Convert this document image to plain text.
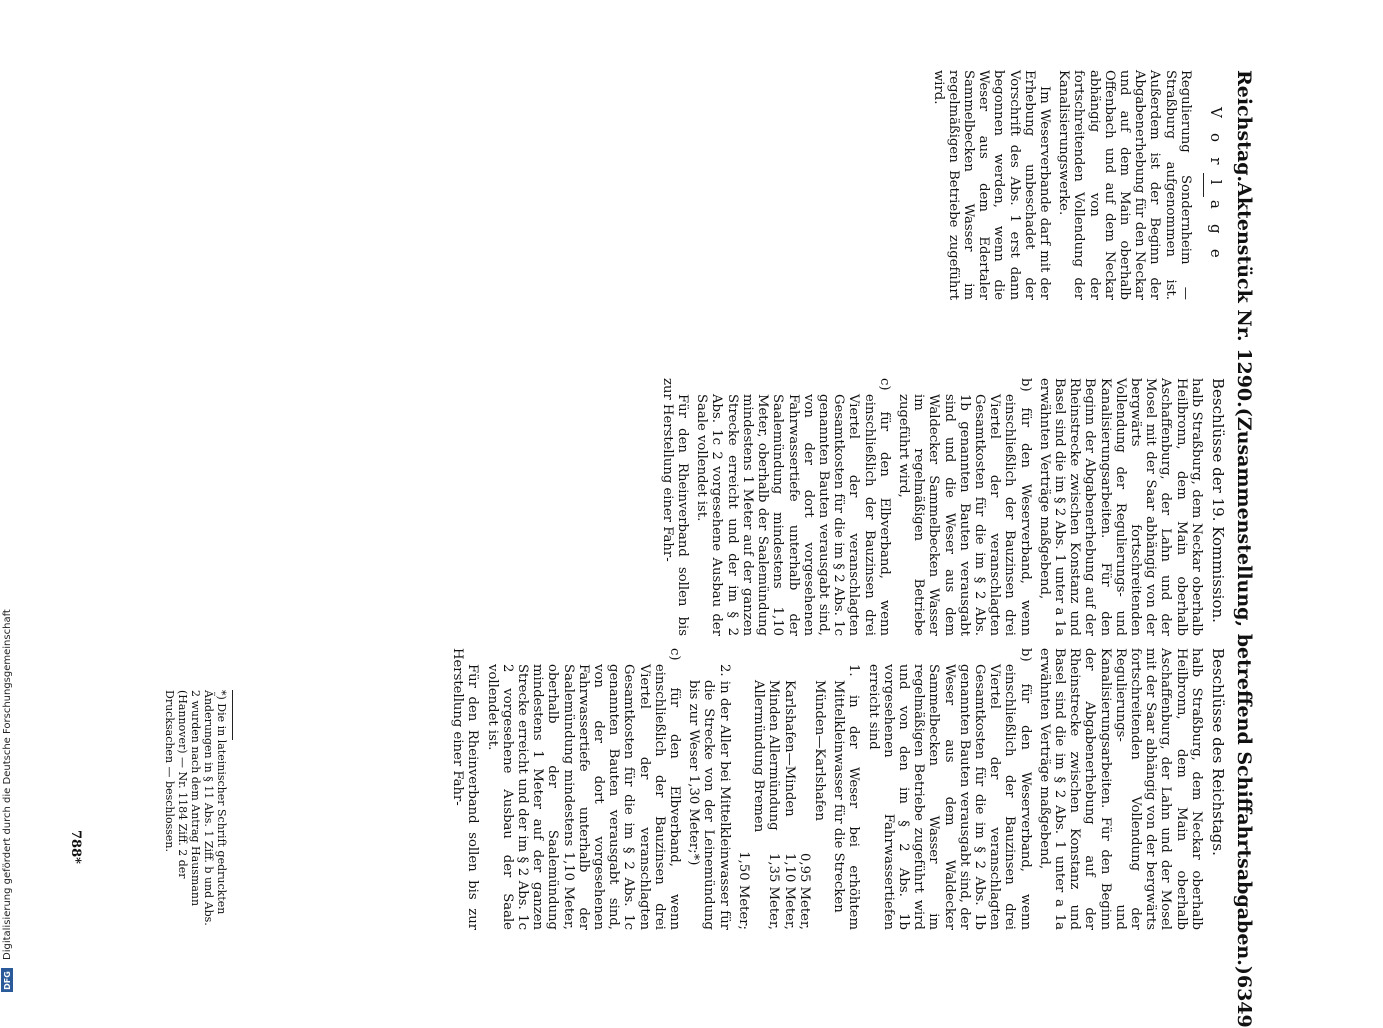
Reichstag.
Aktenstück Nr. 1290.
(Zusammenstellung, betreffend Schiffahrtsabgaben.)
6349

V o r l a g e

Regulierung Sondernheim — Straßburg aufgenommen ist. Außerdem ist der Beginn der Abgabenerhebung für den Neckar und auf dem Main oberhalb Offenbach und auf dem Neckar abhängig von der fortschreitenden Vollendung der Kanalisierungswerke.

Im Weserverbande darf mit der Erhebung unbeschadet der Vorschrift des Abs. 1 erst dann begonnen werden, wenn die Weser aus dem Edertaler Sammelbecken Wasser im regelmäßigen Betriebe zugeführt wird.

Beschlüsse der 19. Kommission.

halb Straßburg, dem Neckar oberhalb Heilbronn, dem Main oberhalb Aschaffenburg, der Lahn und der Mosel mit der Saar abhängig von der bergwärts fortschreitenden Vollendung der Regulierungs- und Kanalisierungsarbeiten. Für den Beginn der Abgabenerhebung auf der Rheinstrecke zwischen Konstanz und Basel sind die im § 2 Abs. 1 unter a 1a erwähnten Verträge maßgebend,

b) für den Weserverband, wenn einschließlich der Bauzinsen drei Viertel der veranschlagten Gesamtkosten für die im § 2 Abs. 1b genannten Bauten verausgabt sind und die Weser aus dem Waldecker Sammelbecken Wasser im regelmäßigen Betriebe zugeführt wird,

c) für den Elbverband, wenn einschließlich der Bauzinsen drei Viertel der veranschlagten Gesamtkosten für die im § 2 Abs. 1c genannten Bauten verausgabt sind, von der dort vorgesehenen Fahrwassertiefe unterhalb der Saalemündung mindestens 1,10 Meter, oberhalb der Saalemündung mindestens 1 Meter auf der ganzen Strecke erreicht und der im § 2 Abs. 1c 2 vorgesehene Ausbau der Saale vollendet ist.

Für den Rheinverband sollen bis zur Herstellung einer Fahr-

Beschlüsse des Reichstags.

halb Straßburg, dem Neckar oberhalb Heilbronn, dem Main oberhalb Aschaffenburg, der Lahn und der Mosel mit der Saar abhängig von der bergwärts fortschreitenden Vollendung der Regulierungs- und Kanalisierungsarbeiten. Für den Beginn der Abgabenerhebung auf der Rheinstrecke zwischen Konstanz und Basel sind die im § 2 Abs. 1 unter a 1a erwähnten Verträge maßgebend,

b) für den Weserverband, wenn einschließlich der Bauzinsen drei Viertel der veranschlagten Gesamtkosten für die im § 2 Abs. 1b genannten Bauten verausgabt sind, der Weser aus dem Waldecker Sammelbecken Wasser im regelmäßigen Betriebe zugeführt wird und von den im § 2 Abs. 1b vorgesehenen Fahrwassertiefen erreicht sind

1. in der Weser bei erhöhtem Mittelkleinwasser für die Strecken

Münden—Karlshafen
0,95 Meter,
Karlshafen—Minden
1,10 Meter,
Minden Allermündung
1,35 Meter,
Allermündung Bremen
1,50 Meter;

2. in der Aller bei Mittelkleinwasser für die Strecke von der Leinemündung bis zur Weser 1,30 Meter;*)

c) für den Elbverband, wenn einschließlich der Bauzinsen drei Viertel der veranschlagten Gesamtkosten für die im § 2 Abs. 1c genannten Bauten verausgabt sind, von der dort vorgesehenen Fahrwassertiefe unterhalb der Saalemündung mindestens 1,10 Meter, oberhalb der Saalemündung mindestens 1 Meter auf der ganzen Strecke erreicht und der im § 2 Abs. 1c 2 vorgesehene Ausbau der Saale vollendet ist.

Für den Rheinverband sollen bis zur Herstellung einer Fahr-

*) Die in lateinischer Schrift gedruckten Änderungen in § 11 Abs. 1 Ziff. b und Abs. 2 wurden nach dem Antrag Hausmann (Hannover) — Nr. 1184 Ziff. 2 der Drucksachen — beschlossen.
788*
Digitalisierung gefördert durch die Deutsche Forschungsgemeinschaft
DFG
